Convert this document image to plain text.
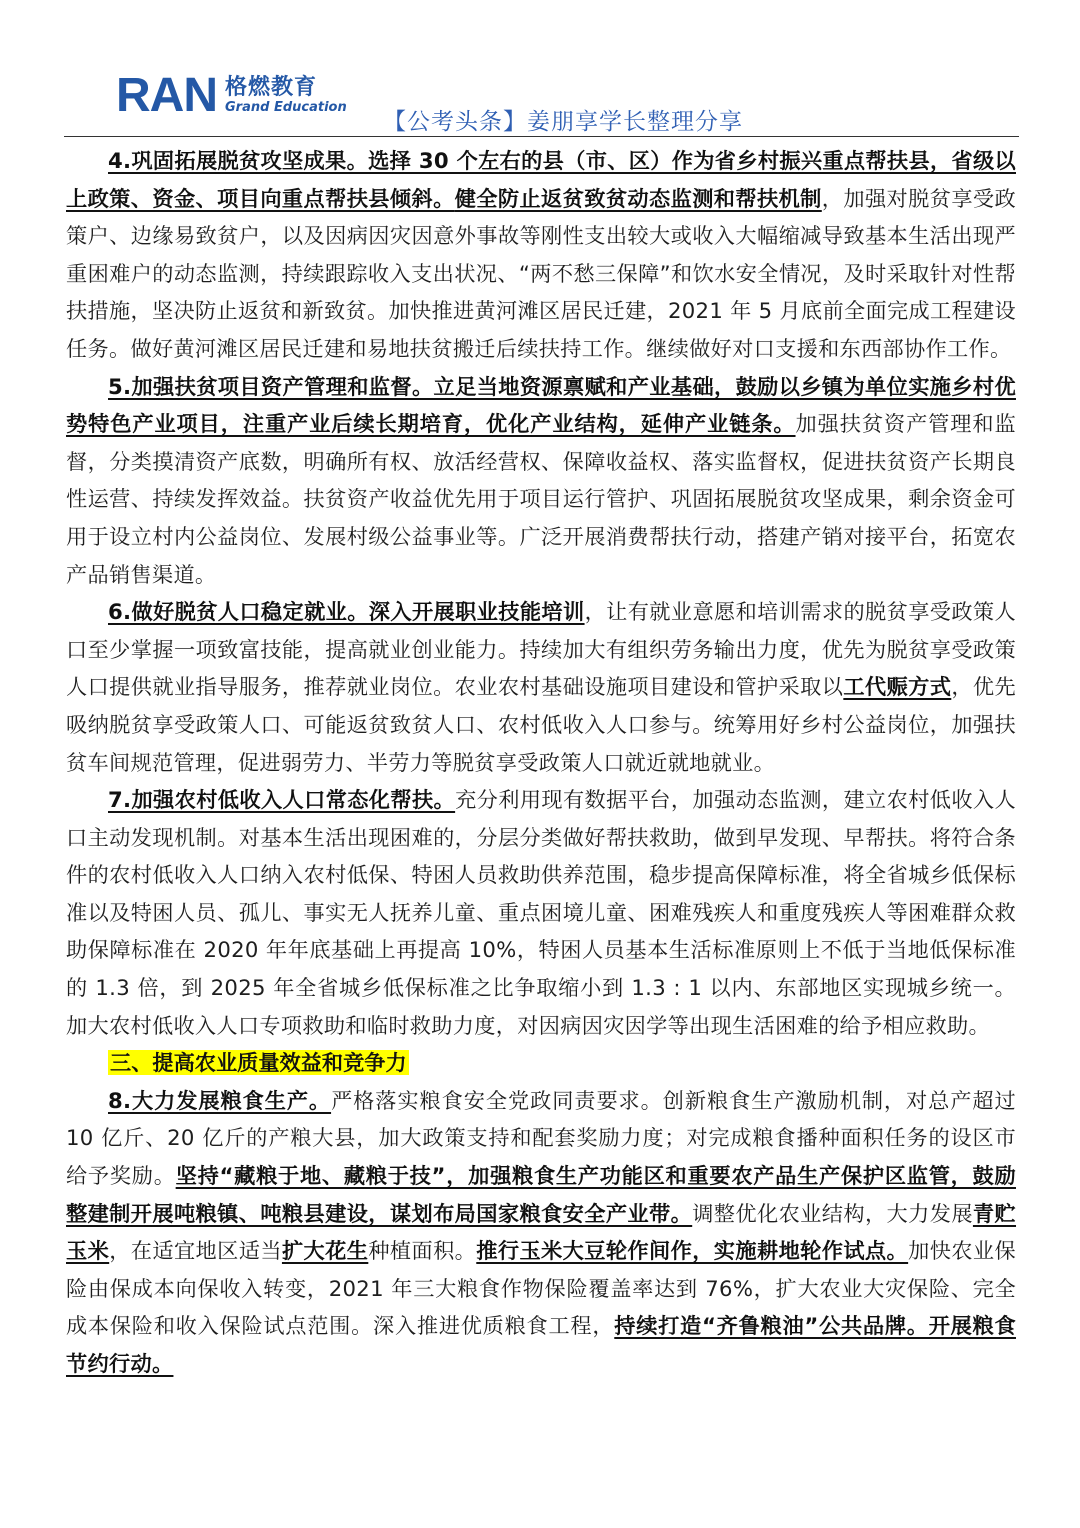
RAN 格燃教育
Grand Education
【公考头条】姜朋享学长整理分享

4.巩固拓展脱贫攻坚成果。选择 30 个左右的县（市、区）作为省乡村振兴重点帮扶县，省级以上政策、资金、项目向重点帮扶县倾斜。健全防止返贫致贫动态监测和帮扶机制，加强对脱贫享受政策户、边缘易致贫户，以及因病因灾因意外事故等刚性支出较大或收入大幅缩减导致基本生活出现严重困难户的动态监测，持续跟踪收入支出状况、“两不愁三保障”和饮水安全情况，及时采取针对性帮扶措施，坚决防止返贫和新致贫。加快推进黄河滩区居民迁建，2021 年 5 月底前全面完成工程建设任务。做好黄河滩区居民迁建和易地扶贫搬迁后续扶持工作。继续做好对口支援和东西部协作工作。

5.加强扶贫项目资产管理和监督。立足当地资源禀赋和产业基础，鼓励以乡镇为单位实施乡村优势特色产业项目，注重产业后续长期培育，优化产业结构，延伸产业链条。加强扶贫资产管理和监督，分类摸清资产底数，明确所有权、放活经营权、保障收益权、落实监督权，促进扶贫资产长期良性运营、持续发挥效益。扶贫资产收益优先用于项目运行管护、巩固拓展脱贫攻坚成果，剩余资金可用于设立村内公益岗位、发展村级公益事业等。广泛开展消费帮扶行动，搭建产销对接平台，拓宽农产品销售渠道。

6.做好脱贫人口稳定就业。深入开展职业技能培训，让有就业意愿和培训需求的脱贫享受政策人口至少掌握一项致富技能，提高就业创业能力。持续加大有组织劳务输出力度，优先为脱贫享受政策人口提供就业指导服务，推荐就业岗位。农业农村基础设施项目建设和管护采取以工代赈方式，优先吸纳脱贫享受政策人口、可能返贫致贫人口、农村低收入人口参与。统筹用好乡村公益岗位，加强扶贫车间规范管理，促进弱劳力、半劳力等脱贫享受政策人口就近就地就业。

7.加强农村低收入人口常态化帮扶。充分利用现有数据平台，加强动态监测，建立农村低收入人口主动发现机制。对基本生活出现困难的，分层分类做好帮扶救助，做到早发现、早帮扶。将符合条件的农村低收入人口纳入农村低保、特困人员救助供养范围，稳步提高保障标准，将全省城乡低保标准以及特困人员、孤儿、事实无人抚养儿童、重点困境儿童、困难残疾人和重度残疾人等困难群众救助保障标准在 2020 年年底基础上再提高 10%，特困人员基本生活标准原则上不低于当地低保标准的 1.3 倍，到 2025 年全省城乡低保标准之比争取缩小到 1.3 : 1 以内、东部地区实现城乡统一。加大农村低收入人口专项救助和临时救助力度，对因病因灾因学等出现生活困难的给予相应救助。

三、提高农业质量效益和竞争力

8.大力发展粮食生产。严格落实粮食安全党政同责要求。创新粮食生产激励机制，对总产超过 10 亿斤、20 亿斤的产粮大县，加大政策支持和配套奖励力度；对完成粮食播种面积任务的设区市给予奖励。坚持“藏粮于地、藏粮于技”，加强粮食生产功能区和重要农产品生产保护区监管，鼓励整建制开展吨粮镇、吨粮县建设，谋划布局国家粮食安全产业带。调整优化农业结构，大力发展青贮玉米，在适宜地区适当扩大花生种植面积。推行玉米大豆轮作间作，实施耕地轮作试点。加快农业保险由保成本向保收入转变，2021 年三大粮食作物保险覆盖率达到 76%，扩大农业大灾保险、完全成本保险和收入保险试点范围。深入推进优质粮食工程，持续打造“齐鲁粮油”公共品牌。开展粮食节约行动。
